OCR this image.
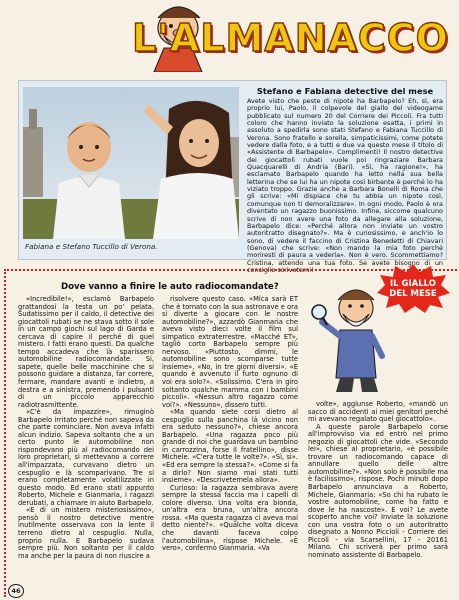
L'ALMANACCO
Fabiana e Stefano Tuccillo di Verona.
Stefano e Fabiana detective del mese
Avete visto che peste di nipote ha Barbapelo? Eh, sì, era proprio lui, Paolo, il colpevole del giallo del videogame pubblicato sul numero 20 del Corriere dei Piccoli. Fra tutti coloro che hanno inviato la soluzione esatta, i primi in assoluto a spedirla sono stati Stefano e Fabiana Tuccillo di Verona. Sono fratello e sorella, simpaticissimi, come potete vedere dalla foto, e a tutti e due va questo mese il titolo di «Assistente di Barbapelo». Complimenti! Il nostro detective dei giocattoli rubati vuole poi ringraziare Barbara Quacquarelli di Andria (Bari). «Sì, ha ragione!», ha esclamato Barbapelo quando ha letto nella sua bella letterina che se lui ha un nipote così birbante è perché lo ha viziato troppo. Grazie anche a Barbara Bonelli di Roma che gli scrive: «Mi dispiace che tu abbia un nipote così, comunque non ti demoralizzare». In ogni modo, Paolo è ora diventato un ragazzo buonissimo. Infine, siccome qualcuno scrive di non avere una foto da allegare alla soluzione, Barbapelo dice: «Perché allora non inviate un vostro autoritratto disegnato?». Ma è curiosissimo, e anch'io lo sono, di vedere il faccino di Cristina Benedetti di Chiavari (Genova) che scrive: «Non mando la mia foto perché moriresti di paura a vederla». Non è vero. Scommettiamo? Cristina, attendo una tua foto. Se avete bisogno di un consiglio scrivetemi!
Dove vanno a finire le auto radiocomandate?

«Incredibile!», esclamò Barbapelo grattandosi la testa un po' pelata. Sudatissimo per il caldo, il detective dei giocattoli rubati se ne stava sotto il sole in un campo giochi sul lago di Garda e cercava di capire il perché di quel mistero. I fatti erano questi. Da qualche tempo accadeva che là sparissero automobiline radiocomandate. Si, sapete, quelle belle macchinine che si possono guidare a distanza, far correre, fermare, mandare avanti e indietro, a destra e a sinistra, premendo i pulsanti di un piccolo apparecchio radiotrasmittente.

«C'è da impazzire», rimuginò Barbapelo irritato perché non sapeva da che parte cominciare. Non aveva infatti alcun indizio. Sapeva soltanto che a un certo punto le automobiline non rispondevano più al radiocomando dei loro proprietari, si mettevano a correre all'impazzata, curvavano dietro un cespuglio e là scomparivano. Tre si erano completamente volatilizzate in questo modo. Ed erano stati appunto Roberto, Michele e Gianmaria, i ragazzi derubati, a chiamare in aiuto Barbapelo.

«E di un mistero misteriosissimo», pensò il nostro detective mentre inutilmente osservava con la lente il terreno dietro al cespuglio. Nulla, proprio nulla. E Barbapelo sudava sempre più. Non soltanto per il caldo ma anche per la paura di non riuscire a

risolvere questo caso. «Mica sarà ET che è tornato con la sua astronave e ora si diverte a giocare con le nostre automobiline?», azzardò Gianmaria che aveva visto dieci volte il film sul simpatico extraterrestre. «Macché ET», tagliò corto Barbapelo sempre più nervoso. «Piuttosto, dimmi, le automobiline sono scomparse tutte insieme». «No, in tre giorni diversi». «E quando è avvenuto il furto ognuno di voi era solo?». «Solissimo. C'era in giro soltanto qualche mamma con i bambini piccoli». «Nessun altro ragazzo come voi?». «Nessuno», dissero tutti.

«Ma quando siete corsi dietro al cespuglio sulla panchina là vicino non era seduto nessuno?», chiese ancora Barbapelo. «Una ragazza poco più grande di noi che guardava un bambino in carrozzina, forse il fratellino», disse Michele. «C'era tutte le volte?». «Sì, sì». «Ed era sempre la stessa?». «Come si fa a dirlo? Non siamo mai stati tutti insieme». «Descrivetemela allora».

Curioso: la ragazza sembrava avere sempre la stessa faccia ma i capelli di colore diverso. Una volta era bionda, un'altra era bruna, un'altra ancora rossa. «Ma questa ragazza ci aveva mai detto niente?». «Qualche volta diceva che davanti faceva colpo l'automobilina», rispose Michele. «È vero», confermò Gianmaria. «Va

volte», aggiunse Roberto, «mandò un sacco di accidenti ai miei genitori perché mi avevano regalato quel giocattolo».

A queste parole Barbapelo corse all'improvviso via ed entrò nel primo negozio di giocattoli che vide. «Secondo lei», chiese al proprietario, «è possibile trovare un radiocomando capace di annullare quello delle altre automobiline?». «Non solo è possibile ma è facilissimo», rispose. Pochi minuti dopo Barbapelo annunciava a Roberto, Michele, Gianmaria: «So chi ha rubato le vostre automobiline, come ha fatto e dove le ha nascoste». E voi? Le avete scoperto anche voi? Inviate la soluzione con una vostra foto o un autoritratto disegnato a Nonno Piccioli - Corriere dei Piccoli - via Scarsellini, 17 - 20161 Milano. Chi scriverà per primo sarà nominato assistente di Barbapelo.

IL GIALLO
DEL MESE
46
